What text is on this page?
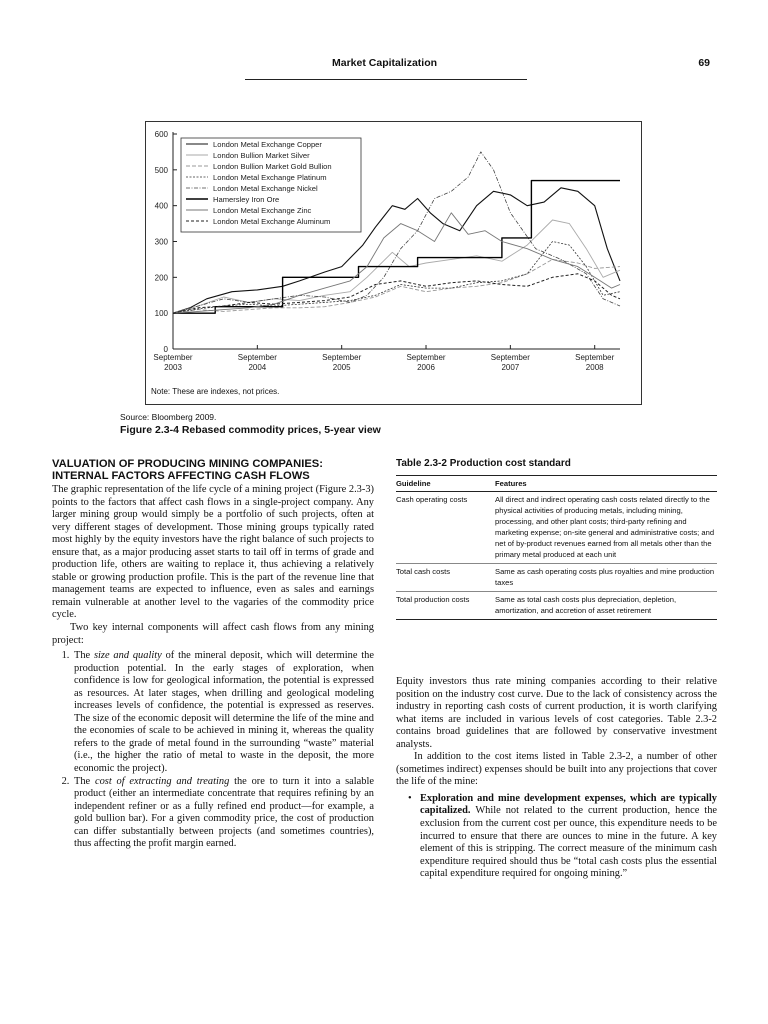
Market Capitalization	69
0
100
200
300
400
500
600
September
2003
September
2004
September
2005
September
2006
September
2007
September
2008
London Metal Exchange Copper
London Bullion Market Silver
London Bullion Market Gold Bullion
London Metal Exchange Platinum
London Metal Exchange Nickel
Hamersley Iron Ore
London Metal Exchange Zinc
London Metal Exchange Aluminum
Note: These are indexes, not prices.
Source: Bloomberg 2009.
Figure 2.3-4 Rebased commodity prices, 5-year view
VALUATION OF PRODUCING MINING COMPANIES:
INTERNAL FACTORS AFFECTING CASH FLOWS

The graphic representation of the life cycle of a mining project (Figure 2.3-3) points to the factors that affect cash flows in a single-project company. Any larger mining group would simply be a portfolio of such projects, often at very different stages of development. Those mining groups typically rated most highly by the equity investors have the right balance of such projects to ensure that, as a major producing asset starts to tail off in terms of grade and production life, others are waiting to replace it, thus achieving a relatively stable or growing production profile. This is the part of the revenue line that management teams are expected to influence, even as sales and earnings remain vulnerable at another level to the vagaries of the commodity price cycle.

Two key internal components will affect cash flows from any mining project:

1. The size and quality of the mineral deposit, which will determine the production potential. In the early stages of exploration, when confidence is low for geological information, the potential is expressed as resources. At later stages, when drilling and geological modeling increases levels of confidence, the potential is expressed as reserves. The size of the economic deposit will determine the life of the mine and the economies of scale to be achieved in mining it, whereas the quality refers to the grade of metal found in the surrounding “waste” material (i.e., the higher the ratio of metal to waste in the deposit, the more economic the project).
2. The cost of extracting and treating the ore to turn it into a salable product (either an intermediate concentrate that requires refining by an independent refiner or as a fully refined end product—for example, a gold bullion bar). For a given commodity price, the cost of production can differ substantially between projects (and sometimes countries), thus affecting the profit margin earned.
Table 2.3-2 Production cost standard
Guideline	Features
Cash operating costs	All direct and indirect operating cash costs related directly to the physical activities of producing metals, including mining, processing, and other plant costs; third-party refining and marketing expense; on-site general and administrative costs; and net of by-product revenues earned from all metals other than the primary metal produced at each unit
Total cash costs	Same as cash operating costs plus royalties and mine production taxes
Total production costs	Same as total cash costs plus depreciation, depletion, amortization, and accretion of asset retirement

Equity investors thus rate mining companies according to their relative position on the industry cost curve. Due to the lack of consistency across the industry in reporting cash costs of current production, it is worth clarifying what items are included in various levels of cost categories. Table 2.3-2 contains broad guidelines that are followed by conservative investment analysts.

In addition to the cost items listed in Table 2.3-2, a number of other (sometimes indirect) expenses should be built into any projections that cover the life of the mine:

• Exploration and mine development expenses, which are typically capitalized. While not related to the current production, hence the exclusion from the current cost per ounce, this expenditure needs to be incurred to ensure that there are ounces to mine in the future. A key element of this is stripping. The correct measure of the minimum cash expenditure required should thus be “total cash costs plus the essential capital expenditure required for ongoing mining.”
